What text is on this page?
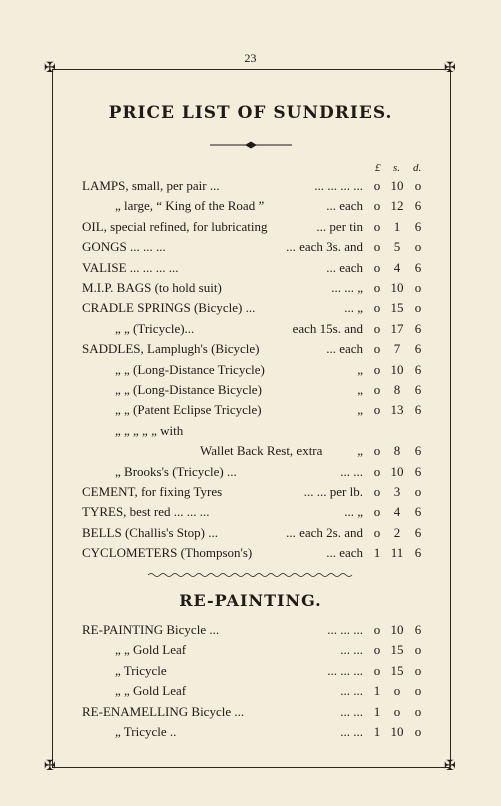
✠	✠
✠	✠
23
PRICE LIST OF SUNDRIES.
£ s. d.
LAMPS, small, per pair ...	... ... ... ... o 10 o
„ large, “ King of the Road ”	... each o 12 6
OIL, special refined, for lubricating	... per tin o	1	6
GONGS ... ... ...	... each 3s. and o	5	o
VALISE ... ... ... ...	... each o	4	6
M.I.P. BAGS (to hold suit)	... ... „ o 10 o
CRADLE SPRINGS (Bicycle) ...	... „ o 15 o
„ „ (Tricycle)...	each 15s. and o 17 6
SADDLES, Lamplugh's (Bicycle)	... each o	7	6
„ „ (Long-Distance Tricycle)	„ o 10 6
„ „ (Long-Distance Bicycle)	„ o	8	6
„ „ (Patent Eclipse Tricycle)	„ o 13 6
„ „ „ „ „ with
Wallet Back Rest, extra	„ o	8	6
„ Brooks's (Tricycle) ...	... ... o 10 6
CEMENT, for fixing Tyres	... ... per lb. o	3	o
TYRES, best red ... ... ...	... „ o	4	6
BELLS (Challis's Stop) ...	... each 2s. and o	2	6
CYCLOMETERS (Thompson's)	... each 1 11 6
RE-PAINTING.
RE-PAINTING Bicycle ...	... ... ... o 10 6
„ „ Gold Leaf	... ... o 15 o
„ Tricycle	... ... ... o 15 o
„ „ Gold Leaf	... ... 1	o	o
RE-ENAMELLING Bicycle ...	... ... 1	o	o
„ Tricycle ..	... ... 1 10 o
